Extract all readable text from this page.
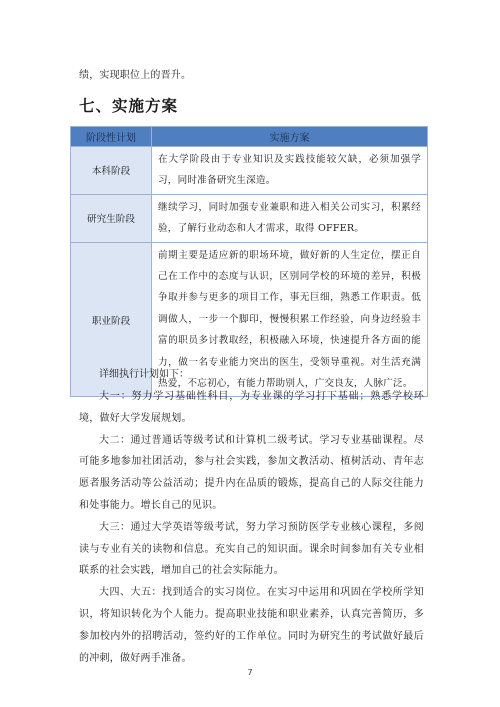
绩，实现职位上的晋升。
七、实施方案
阶段性计划	实施方案
本科阶段	在大学阶段由于专业知识及实践技能较欠缺，必须加强学习，同时准备研究生深造。
研究生阶段	继续学习，同时加强专业兼职和进入相关公司实习，积累经验，了解行业动态和人才需求，取得 OFFER。
职业阶段	前期主要是适应新的职场环境，做好新的人生定位，摆正自己在工作中的态度与认识，区别同学校的环境的差异，积极争取并参与更多的项目工作，事无巨细，熟悉工作职责。低调做人，一步一个脚印，慢慢积累工作经验，向身边经验丰富的职员多讨教取经，积极融入环境，快速提升各方面的能力，做一名专业能力突出的医生，受领导重视。对生活充满热爱，不忘初心，有能力帮助别人，广交良友，人脉广泛。
详细执行计划如下：

大一：努力学习基础性科目，为专业课的学习打下基础；熟悉学校环境，做好大学发展规划。

大二：通过普通话等级考试和计算机二级考试。学习专业基础课程。尽可能多地参加社团活动，参与社会实践，参加文教活动、植树活动、青年志愿者服务活动等公益活动；提升内在品质的锻炼，提高自己的人际交往能力和处事能力。增长自己的见识。

大三：通过大学英语等级考试，努力学习预防医学专业核心课程，多阅读与专业有关的读物和信息。充实自己的知识面。课余时间参加有关专业相联系的社会实践，增加自己的社会实际能力。

大四、大五：找到适合的实习岗位。在实习中运用和巩固在学校所学知识，将知识转化为个人能力。提高职业技能和职业素养，认真完善简历，多参加校内外的招聘活动，签约好的工作单位。同时为研究生的考试做好最后的冲刺，做好两手准备。

7
